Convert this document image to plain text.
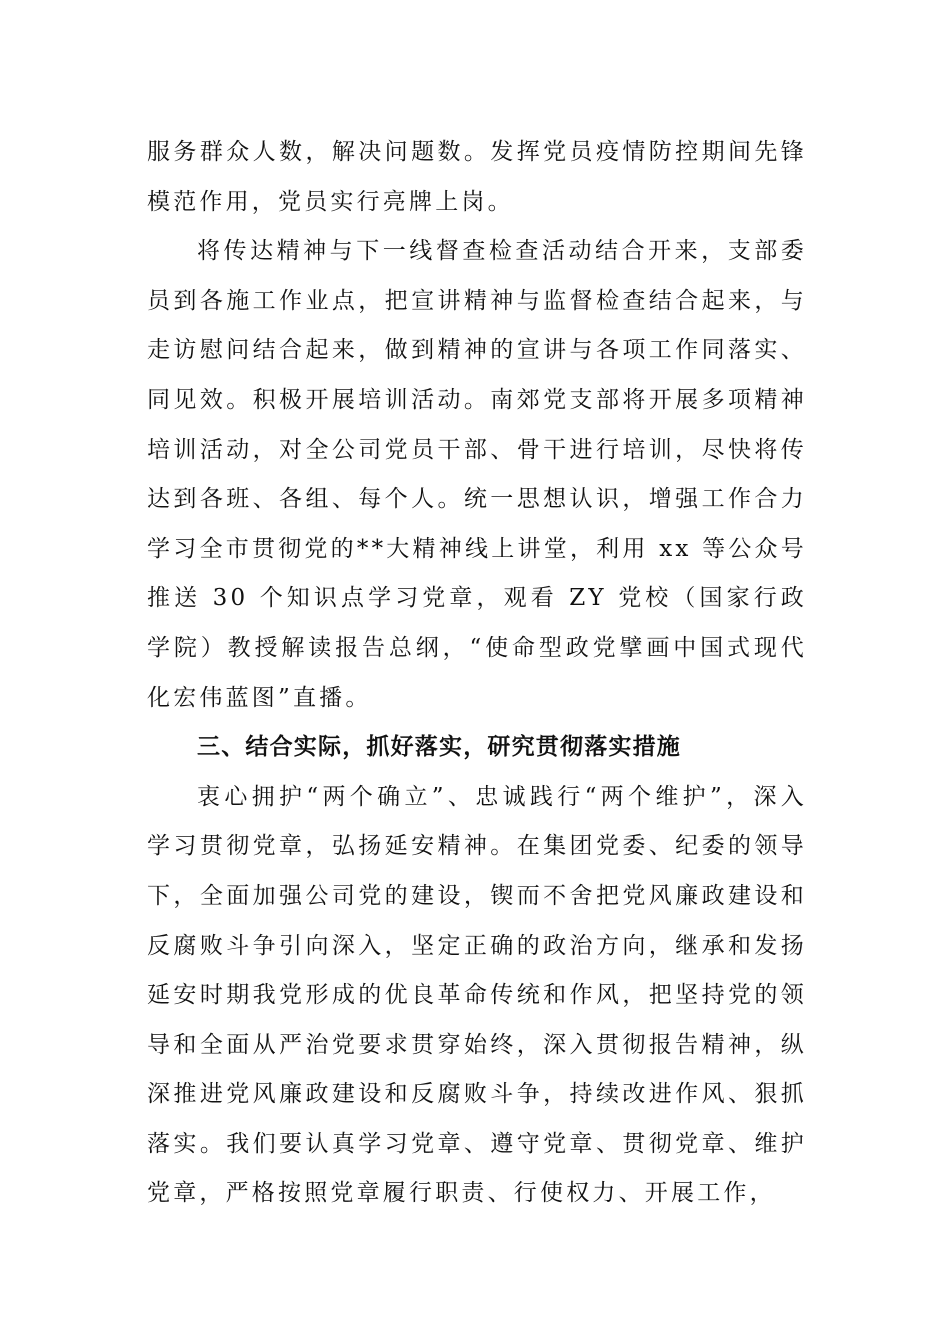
服务群众人数，解决问题数。发挥党员疫情防控期间先锋模范作用，党员实行亮牌上岗。

将传达精神与下一线督查检查活动结合开来，支部委员到各施工作业点，把宣讲精神与监督检查结合起来，与走访慰问结合起来，做到精神的宣讲与各项工作同落实、同见效。积极开展培训活动。南郊党支部将开展多项精神培训活动，对全公司党员干部、骨干进行培训，尽快将传达到各班、各组、每个人。统一思想认识，增强工作合力学习全市贯彻党的**大精神线上讲堂，利用 xx 等公众号推送 30 个知识点学习党章，观看 ZY 党校（国家行政学院）教授解读报告总纲，“使命型政党擘画中国式现代化宏伟蓝图”直播。

三、结合实际，抓好落实，研究贯彻落实措施

衷心拥护“两个确立”、忠诚践行“两个维护”，深入学习贯彻党章，弘扬延安精神。在集团党委、纪委的领导下，全面加强公司党的建设，锲而不舍把党风廉政建设和反腐败斗争引向深入，坚定正确的政治方向，继承和发扬延安时期我党形成的优良革命传统和作风，把坚持党的领导和全面从严治党要求贯穿始终，深入贯彻报告精神，纵深推进党风廉政建设和反腐败斗争，持续改进作风、狠抓落实。我们要认真学习党章、遵守党章、贯彻党章、维护党章，严格按照党章履行职责、行使权力、开展工作，
